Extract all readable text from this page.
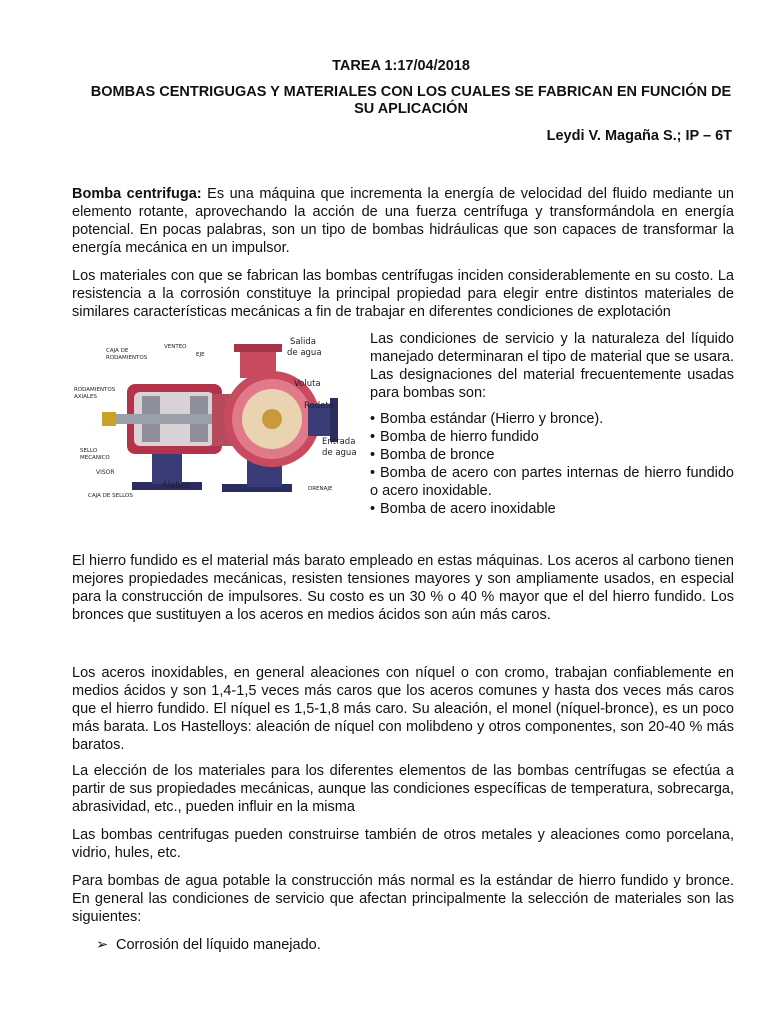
TAREA 1:17/04/2018
BOMBAS CENTRIGUGAS Y MATERIALES CON LOS CUALES SE FABRICAN EN FUNCIÓN DE SU APLICACIÓN
Leydi V. Magaña S.; IP – 6T
Bomba centrifuga: Es una máquina que incrementa la energía de velocidad del fluido mediante un elemento rotante, aprovechando la acción de una fuerza centrífuga y transformándola en energía potencial. En pocas palabras, son un tipo de bombas hidráulicas que son capaces de transformar la energía mecánica en un impulsor.
Los materiales con que se fabrican las bombas centrífugas inciden considerablemente en su costo. La resistencia a la corrosión constituye la principal propiedad para elegir entre distintos materiales de similares características mecánicas a fin de trabajar en diferentes condiciones de explotación
Salida
de agua
VENTEO
EJE
CAJA DE
RODAMIENTOS
RODAMIENTOS
AXIALES
Voluta
Rodete
Entrada
de agua
SELLO
MECANICO
VISOR
Álabes	DRENAJE
CAJA DE SELLOS

Las condiciones de servicio y la naturaleza del líquido manejado determinaran el tipo de material que se usara. Las designaciones del material frecuentemente usadas para bombas son:

• Bomba estándar (Hierro y bronce).
• Bomba de hierro fundido
• Bomba de bronce
• Bomba de acero con partes internas de hierro fundido o acero inoxidable.
• Bomba de acero inoxidable
El hierro fundido es el material más barato empleado en estas máquinas. Los aceros al carbono tienen mejores propiedades mecánicas, resisten tensiones mayores y son ampliamente usados, en especial para la construcción de impulsores. Su costo es un 30 % o 40 % mayor que el del hierro fundido. Los bronces que sustituyen a los aceros en medios ácidos son aún más caros.
Los aceros inoxidables, en general aleaciones con níquel o con cromo, trabajan confiablemente en medios ácidos y son 1,4-1,5 veces más caros que los aceros comunes y hasta dos veces más caros que el hierro fundido. El níquel es 1,5-1,8 más caro. Su aleación, el monel (níquel-bronce), es un poco más barata. Los Hastelloys: aleación de níquel con molibdeno y otros componentes, son 20-40 % más baratos.
La elección de los materiales para los diferentes elementos de las bombas centrífugas se efectúa a partir de sus propiedades mecánicas, aunque las condiciones específicas de temperatura, sobrecarga, abrasividad, etc., pueden influir en la misma
Las bombas centrifugas pueden construirse también de otros metales y aleaciones como porcelana, vidrio, hules, etc.
Para bombas de agua potable la construcción más normal es la estándar de hierro fundido y bronce. En general las condiciones de servicio que afectan principalmente la selección de materiales son las siguientes:
➢ Corrosión del líquido manejado.
